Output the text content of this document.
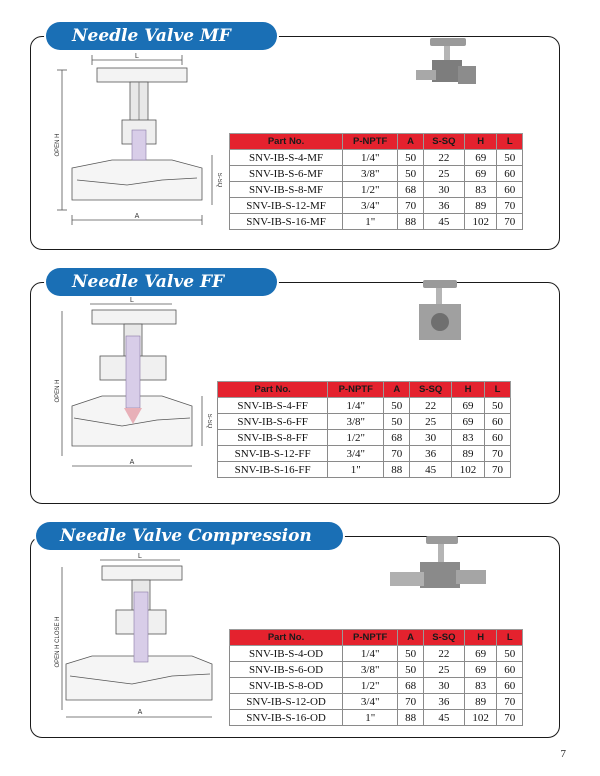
Needle Valve MF
L
OPEN H
S-SQ
A
Part No.	P-NPTF	A	S-SQ	H	L
SNV-IB-S-4-MF	1/4"	50	22	69	50
SNV-IB-S-6-MF	3/8"	50	25	69	60
SNV-IB-S-8-MF	1/2"	68	30	83	60
SNV-IB-S-12-MF	3/4"	70	36	89	70
SNV-IB-S-16-MF	1"	88	45	102	70
Needle Valve FF
L
OPEN H
S-SQ
A
Part No.	P-NPTF	A	S-SQ	H	L
SNV-IB-S-4-FF	1/4"	50	22	69	50
SNV-IB-S-6-FF	3/8"	50	25	69	60
SNV-IB-S-8-FF	1/2"	68	30	83	60
SNV-IB-S-12-FF	3/4"	70	36	89	70
SNV-IB-S-16-FF	1"	88	45	102	70
Needle Valve Compression
L
OPEN H CLOSE H
A
Part No.	P-NPTF	A	S-SQ	H	L
SNV-IB-S-4-OD	1/4"	50	22	69	50
SNV-IB-S-6-OD	3/8"	50	25	69	60
SNV-IB-S-8-OD	1/2"	68	30	83	60
SNV-IB-S-12-OD	3/4"	70	36	89	70
SNV-IB-S-16-OD	1"	88	45	102	70
7
